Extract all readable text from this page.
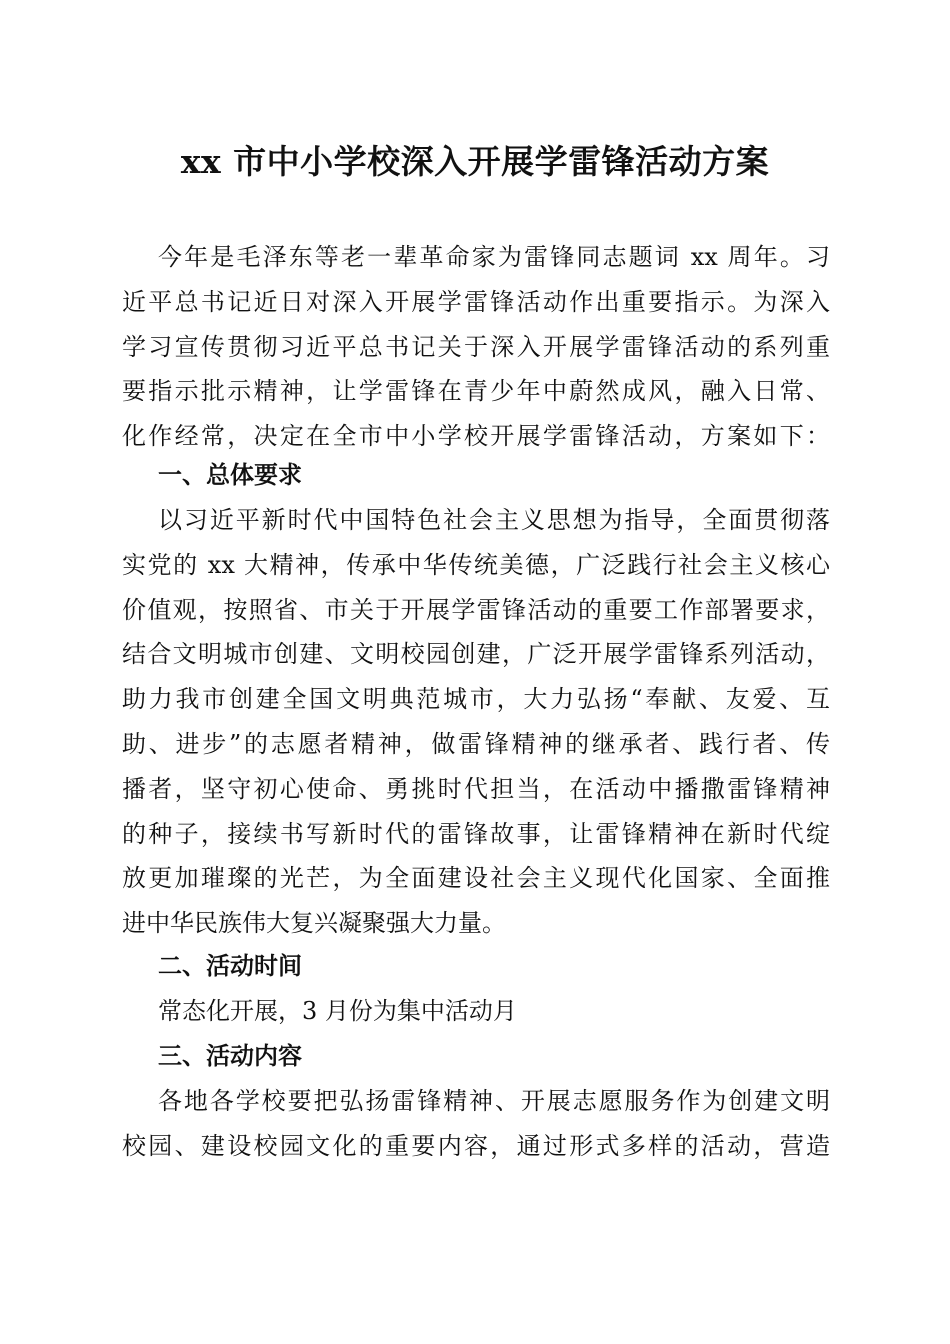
xx 市中小学校深入开展学雷锋活动方案
今年是毛泽东等老一辈革命家为雷锋同志题词 xx 周年。习
近平总书记近日对深入开展学雷锋活动作出重要指示。为深入
学习宣传贯彻习近平总书记关于深入开展学雷锋活动的系列重
要指示批示精神，让学雷锋在青少年中蔚然成风，融入日常、
化作经常，决定在全市中小学校开展学雷锋活动，方案如下：
一、总体要求
以习近平新时代中国特色社会主义思想为指导，全面贯彻落
实党的 xx 大精神，传承中华传统美德，广泛践行社会主义核心
价值观，按照省、市关于开展学雷锋活动的重要工作部署要求，
结合文明城市创建、文明校园创建，广泛开展学雷锋系列活动，
助力我市创建全国文明典范城市，大力弘扬“奉献、友爱、互
助、进步”的志愿者精神，做雷锋精神的继承者、践行者、传
播者，坚守初心使命、勇挑时代担当，在活动中播撒雷锋精神
的种子，接续书写新时代的雷锋故事，让雷锋精神在新时代绽
放更加璀璨的光芒，为全面建设社会主义现代化国家、全面推
进中华民族伟大复兴凝聚强大力量。
二、活动时间
常态化开展，3 月份为集中活动月
三、活动内容
各地各学校要把弘扬雷锋精神、开展志愿服务作为创建文明
校园、建设校园文化的重要内容，通过形式多样的活动，营造
